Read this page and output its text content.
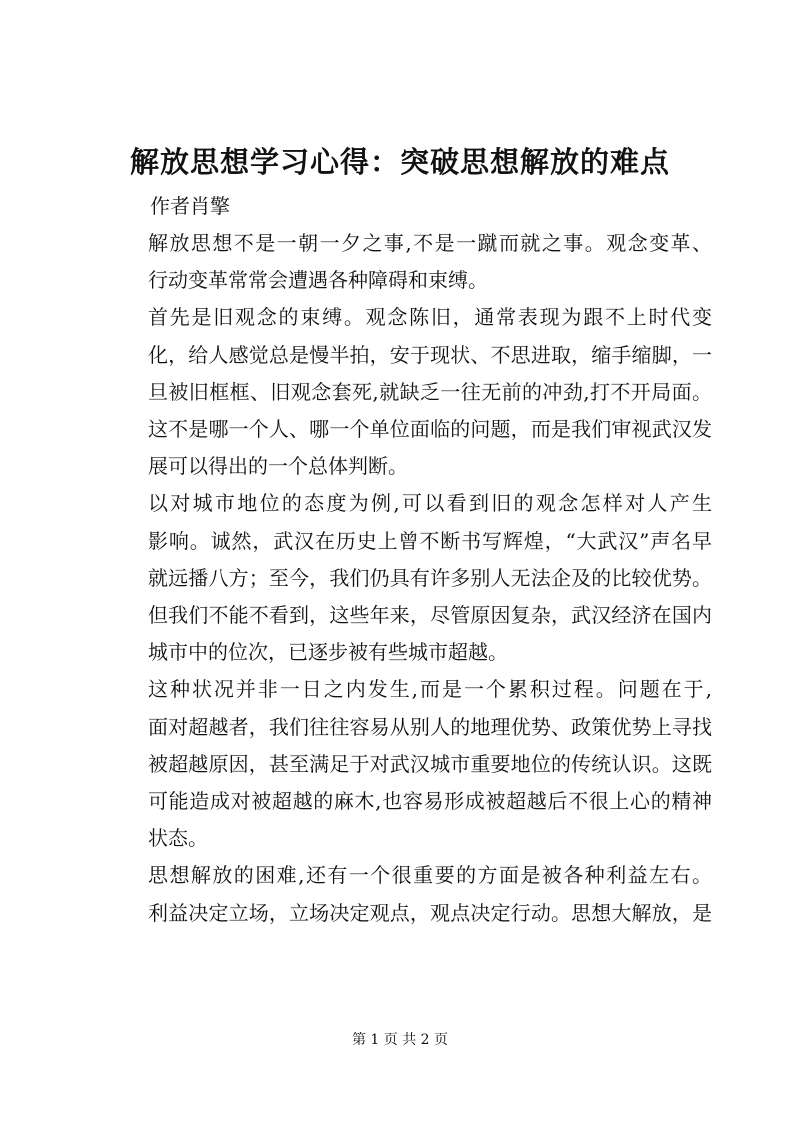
解放思想学习心得：突破思想解放的难点

作者肖擎

解放思想不是一朝一夕之事,不是一蹴而就之事。观念变革、
行动变革常常会遭遇各种障碍和束缚。

首先是旧观念的束缚。观念陈旧，通常表现为跟不上时代变
化，给人感觉总是慢半拍，安于现状、不思进取，缩手缩脚，一
旦被旧框框、旧观念套死,就缺乏一往无前的冲劲,打不开局面。
这不是哪一个人、哪一个单位面临的问题，而是我们审视武汉发
展可以得出的一个总体判断。

以对城市地位的态度为例,可以看到旧的观念怎样对人产生
影响。诚然，武汉在历史上曾不断书写辉煌，“大武汉”声名早
就远播八方；至今，我们仍具有许多别人无法企及的比较优势。
但我们不能不看到，这些年来，尽管原因复杂，武汉经济在国内
城市中的位次，已逐步被有些城市超越。

这种状况并非一日之内发生,而是一个累积过程。问题在于,
面对超越者，我们往往容易从别人的地理优势、政策优势上寻找
被超越原因，甚至满足于对武汉城市重要地位的传统认识。这既
可能造成对被超越的麻木,也容易形成被超越后不很上心的精神
状态。

思想解放的困难,还有一个很重要的方面是被各种利益左右。
利益决定立场，立场决定观点，观点决定行动。思想大解放，是

第 1 页 共 2 页
